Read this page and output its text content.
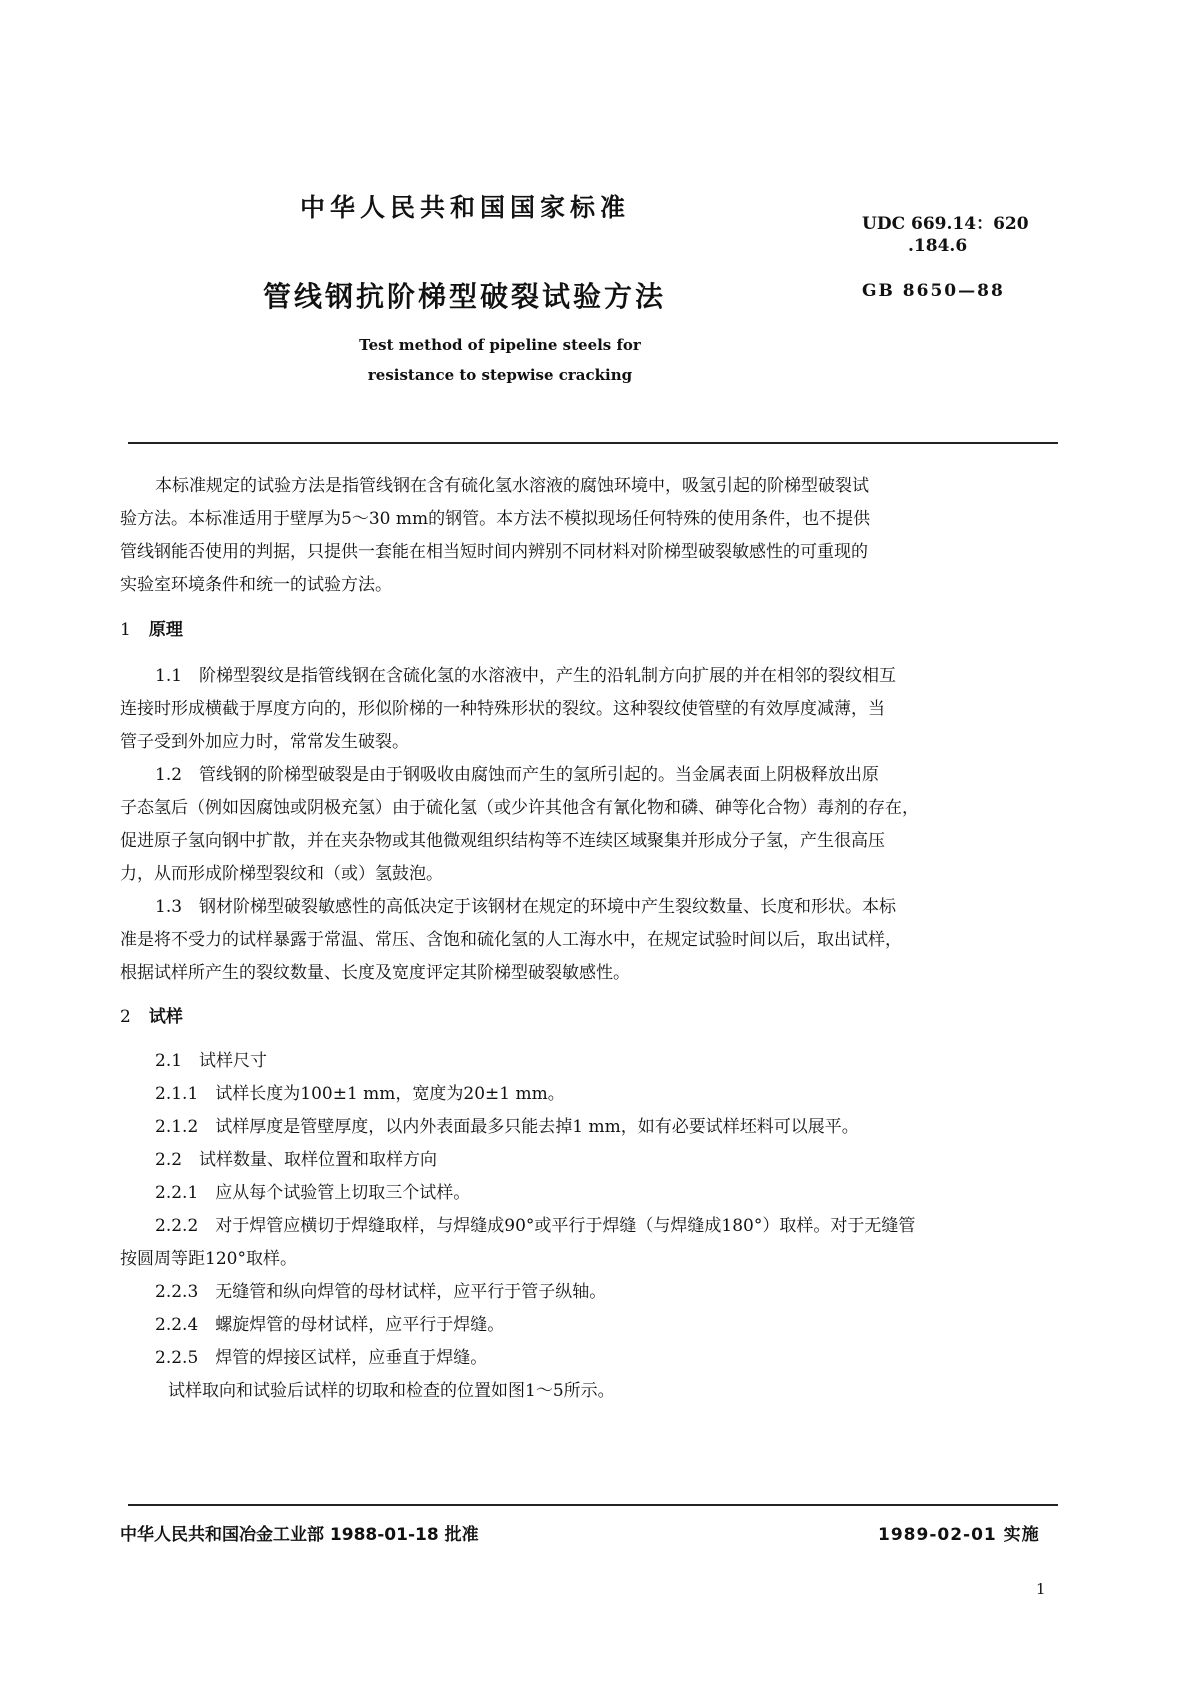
中华人民共和国国家标准
UDC 669.14：620
.184.6
管线钢抗阶梯型破裂试验方法	GB 8650—88
Test method of pipeline steels for
resistance to stepwise cracking
本标准规定的试验方法是指管线钢在含有硫化氢水溶液的腐蚀环境中，吸氢引起的阶梯型破裂试
验方法。本标准适用于壁厚为5～30 mm的钢管。本方法不模拟现场任何特殊的使用条件，也不提供
管线钢能否使用的判据，只提供一套能在相当短时间内辨别不同材料对阶梯型破裂敏感性的可重现的
实验室环境条件和统一的试验方法。
1 原理
1.1　阶梯型裂纹是指管线钢在含硫化氢的水溶液中，产生的沿轧制方向扩展的并在相邻的裂纹相互
连接时形成横截于厚度方向的，形似阶梯的一种特殊形状的裂纹。这种裂纹使管壁的有效厚度减薄，当
管子受到外加应力时，常常发生破裂。
1.2　管线钢的阶梯型破裂是由于钢吸收由腐蚀而产生的氢所引起的。当金属表面上阴极释放出原
子态氢后（例如因腐蚀或阴极充氢）由于硫化氢（或少许其他含有氰化物和磷、砷等化合物）毒剂的存在，
促进原子氢向钢中扩散，并在夹杂物或其他微观组织结构等不连续区域聚集并形成分子氢，产生很高压
力，从而形成阶梯型裂纹和（或）氢鼓泡。
1.3　钢材阶梯型破裂敏感性的高低决定于该钢材在规定的环境中产生裂纹数量、长度和形状。本标
准是将不受力的试样暴露于常温、常压、含饱和硫化氢的人工海水中，在规定试验时间以后，取出试样，
根据试样所产生的裂纹数量、长度及宽度评定其阶梯型破裂敏感性。
2 试样
2.1　试样尺寸
2.1.1　试样长度为100±1 mm，宽度为20±1 mm。
2.1.2　试样厚度是管壁厚度，以内外表面最多只能去掉1 mm，如有必要试样坯料可以展平。
2.2　试样数量、取样位置和取样方向
2.2.1　应从每个试验管上切取三个试样。
2.2.2　对于焊管应横切于焊缝取样，与焊缝成90°或平行于焊缝（与焊缝成180°）取样。对于无缝管
按圆周等距120°取样。
2.2.3　无缝管和纵向焊管的母材试样，应平行于管子纵轴。
2.2.4　螺旋焊管的母材试样，应平行于焊缝。
2.2.5　焊管的焊接区试样，应垂直于焊缝。
试样取向和试验后试样的切取和检查的位置如图1～5所示。
中华人民共和国冶金工业部 1988-01-18 批准	1989-02-01 实施
1
